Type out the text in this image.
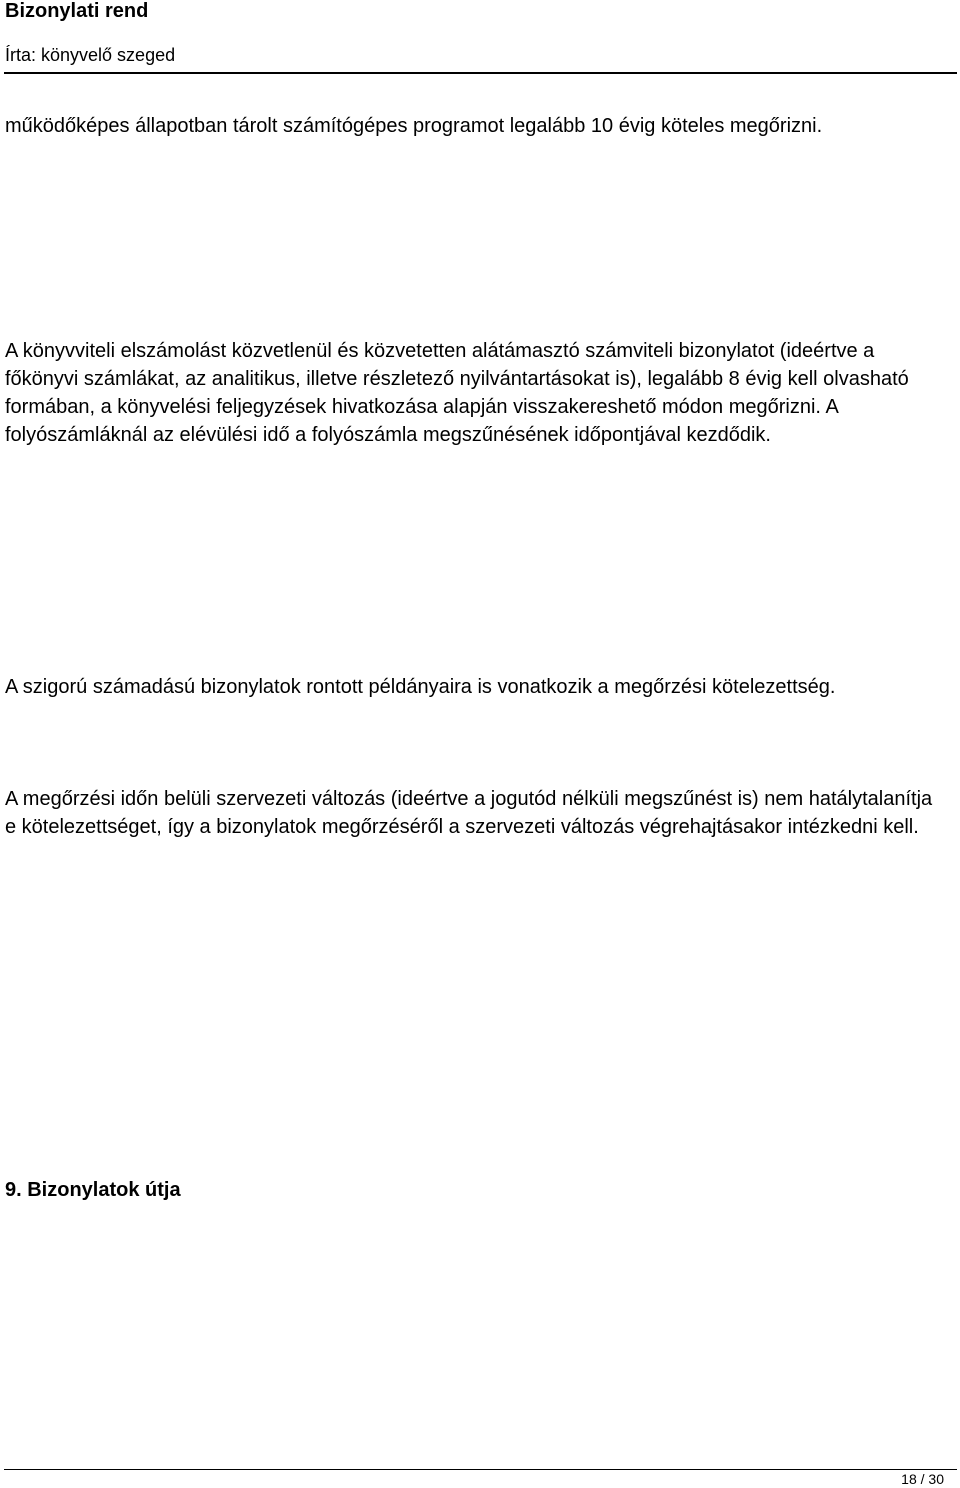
Bizonylati rend
Írta: könyvelő szeged

működőképes állapotban tárolt számítógépes programot legalább 10 évig köteles megőrizni.

A könyvviteli elszámolást közvetlenül és közvetetten alátámasztó számviteli bizonylatot (ideértve a főkönyvi számlákat, az analitikus, illetve részletező nyilvántartásokat is), legalább 8 évig kell olvasható formában, a könyvelési feljegyzések hivatkozása alapján visszakereshető módon megőrizni. A folyószámláknál az elévülési idő a folyószámla megszűnésének időpontjával kezdődik.

A szigorú számadású bizonylatok rontott példányaira is vonatkozik a megőrzési kötelezettség.

A megőrzési időn belüli szervezeti változás (ideértve a jogutód nélküli megszűnést is) nem hatálytalanítja e kötelezettséget, így a bizonylatok megőrzéséről a szervezeti változás végrehajtásakor intézkedni kell.

9. Bizonylatok útja
18 / 30
